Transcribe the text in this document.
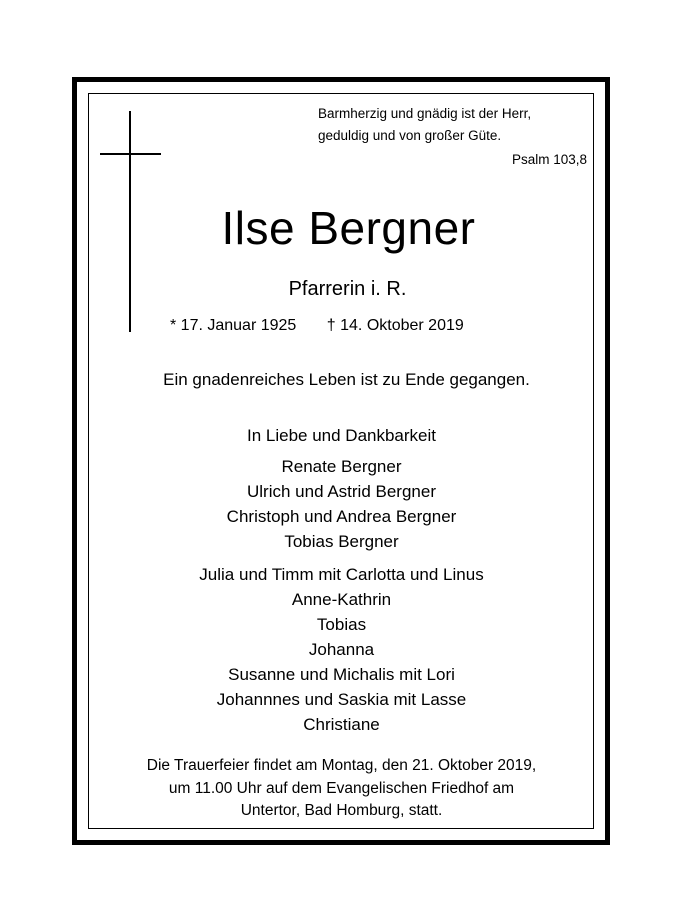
Barmherzig und gnädig ist der Herr,
geduldig und von großer Güte.
Psalm 103,8
Ilse Bergner
Pfarrerin i. R.
* 17. Januar 1925 † 14. Oktober 2019
Ein gnadenreiches Leben ist zu Ende gegangen.
In Liebe und Dankbarkeit
Renate Bergner
Ulrich und Astrid Bergner
Christoph und Andrea Bergner
Tobias Bergner
Julia und Timm mit Carlotta und Linus
Anne-Kathrin
Tobias
Johanna
Susanne und Michalis mit Lori
Johannnes und Saskia mit Lasse
Christiane
Die Trauerfeier findet am Montag, den 21. Oktober 2019,
um 11.00 Uhr auf dem Evangelischen Friedhof am
Untertor, Bad Homburg, statt.
